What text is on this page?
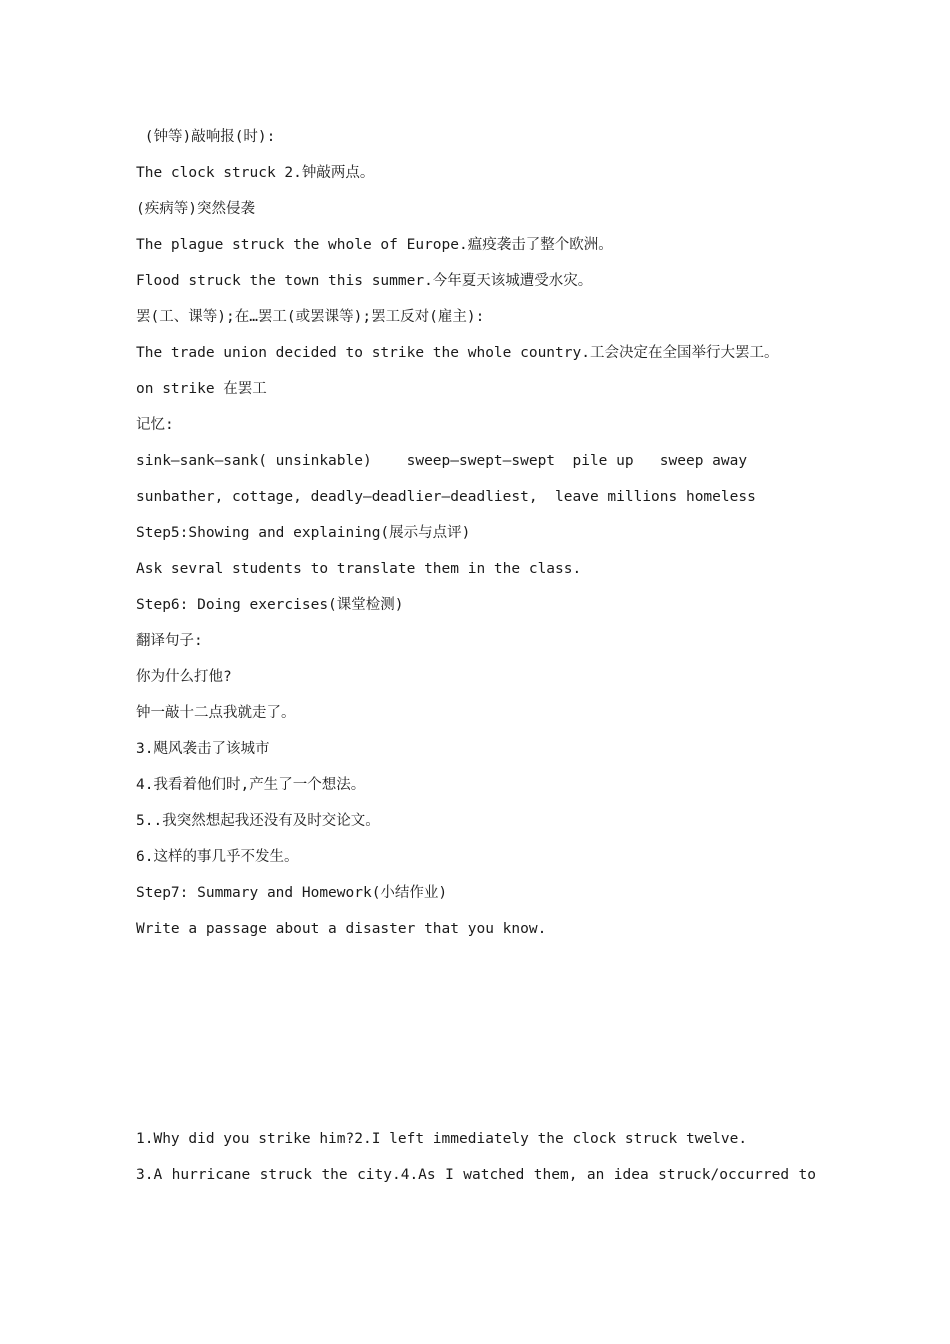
(钟等)敲响报(时):

The clock struck 2.钟敲两点。

(疾病等)突然侵袭

The plague struck the whole of Europe.瘟疫袭击了整个欧洲。

Flood struck the town this summer.今年夏天该城遭受水灾。

罢(工、课等);在…罢工(或罢课等);罢工反对(雇主):

The trade union decided to strike the whole country.工会决定在全国举行大罢工。

on strike 在罢工

记忆:

sink—sank—sank( unsinkable)    sweep—swept—swept  pile up   sweep away

sunbather, cottage, deadly—deadlier—deadliest,  leave millions homeless

Step5:Showing and explaining(展示与点评)

Ask sevral students to translate them in the class.

Step6: Doing exercises(课堂检测)

翻译句子:

你为什么打他?

钟一敲十二点我就走了。

3.飓风袭击了该城市

4.我看着他们时,产生了一个想法。

5..我突然想起我还没有及时交论文。

6.这样的事几乎不发生。

Step7: Summary and Homework(小结作业)

Write a passage about a disaster that you know.

1.Why did you strike him?2.I left immediately the clock struck twelve.

3.A hurricane struck the city.4.As I watched them, an idea struck/occurred to
